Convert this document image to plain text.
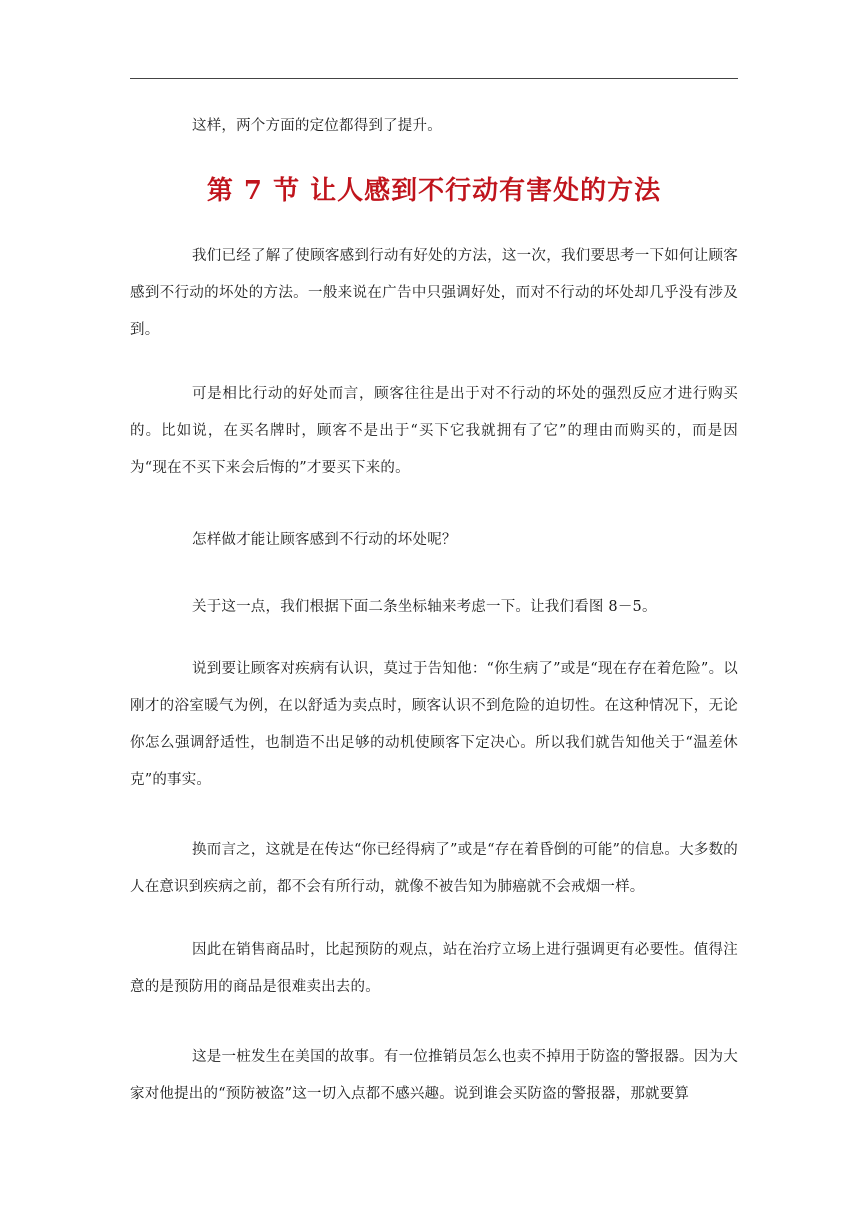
这样，两个方面的定位都得到了提升。

第 7 节 让人感到不行动有害处的方法

我们已经了解了使顾客感到行动有好处的方法，这一次，我们要思考一下如何让顾客感到不行动的坏处的方法。一般来说在广告中只强调好处，而对不行动的坏处却几乎没有涉及到。

可是相比行动的好处而言，顾客往往是出于对不行动的坏处的强烈反应才进行购买的。比如说，在买名牌时，顾客不是出于“买下它我就拥有了它”的理由而购买的，而是因为“现在不买下来会后悔的”才要买下来的。

怎样做才能让顾客感到不行动的坏处呢？

关于这一点，我们根据下面二条坐标轴来考虑一下。让我们看图 8－5。

说到要让顾客对疾病有认识，莫过于告知他：“你生病了”或是“现在存在着危险”。以刚才的浴室暖气为例，在以舒适为卖点时，顾客认识不到危险的迫切性。在这种情况下，无论你怎么强调舒适性，也制造不出足够的动机使顾客下定决心。所以我们就告知他关于“温差休克”的事实。

换而言之，这就是在传达“你已经得病了”或是“存在着昏倒的可能”的信息。大多数的人在意识到疾病之前，都不会有所行动，就像不被告知为肺癌就不会戒烟一样。

因此在销售商品时，比起预防的观点，站在治疗立场上进行强调更有必要性。值得注意的是预防用的商品是很难卖出去的。

这是一桩发生在美国的故事。有一位推销员怎么也卖不掉用于防盗的警报器。因为大家对他提出的“预防被盗”这一切入点都不感兴趣。说到谁会买防盗的警报器，那就要算
